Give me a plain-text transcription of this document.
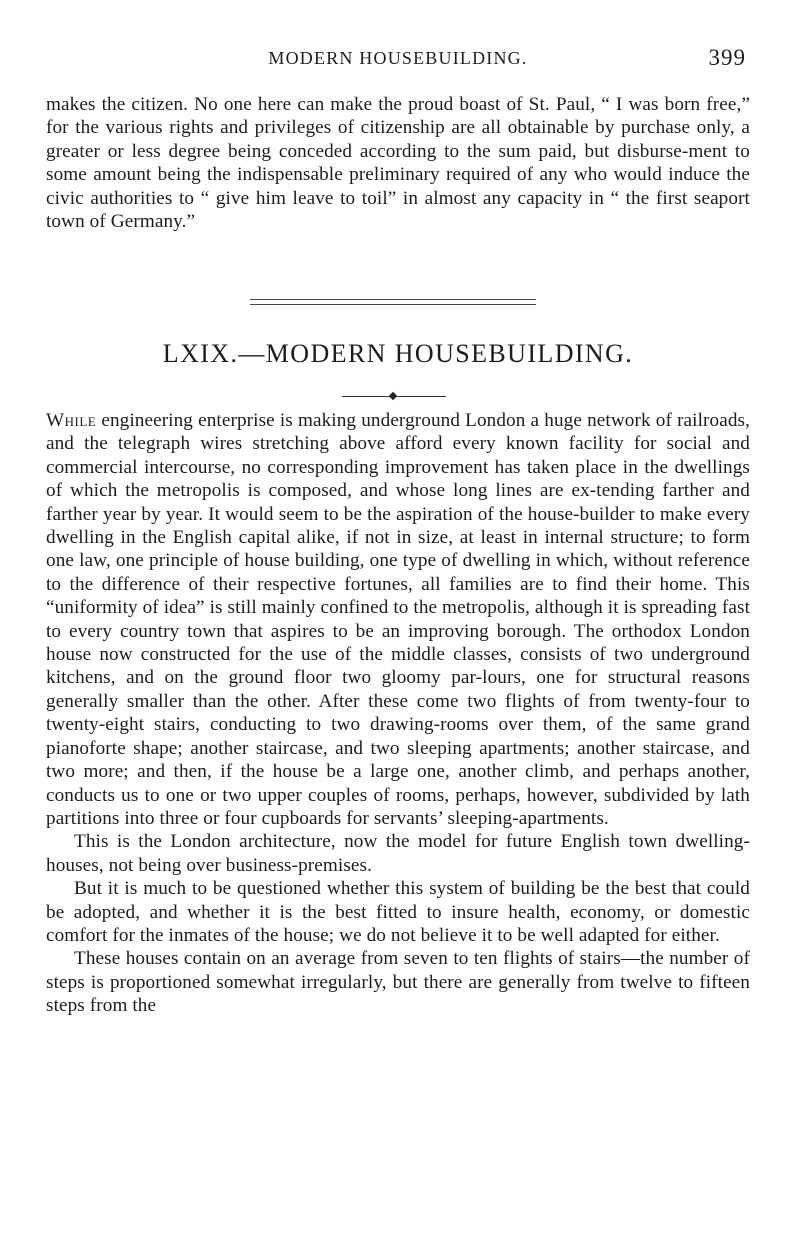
MODERN HOUSEBUILDING.	399

makes the citizen. No one here can make the proud boast of St. Paul, “ I was born free,” for the various rights and privileges of citizenship are all obtainable by purchase only, a greater or less degree being conceded according to the sum paid, but disburse-ment to some amount being the indispensable preliminary required of any who would induce the civic authorities to “ give him leave to toil” in almost any capacity in “ the first seaport town of Germany.”

LXIX.—MODERN HOUSEBUILDING.

While engineering enterprise is making underground London a huge network of railroads, and the telegraph wires stretching above afford every known facility for social and commercial intercourse, no corresponding improvement has taken place in the dwellings of which the metropolis is composed, and whose long lines are ex-tending farther and farther year by year. It would seem to be the aspiration of the house-builder to make every dwelling in the English capital alike, if not in size, at least in internal structure; to form one law, one principle of house building, one type of dwelling in which, without reference to the difference of their respective fortunes, all families are to find their home. This “uniformity of idea” is still mainly confined to the metropolis, although it is spreading fast to every country town that aspires to be an improving borough. The orthodox London house now constructed for the use of the middle classes, consists of two underground kitchens, and on the ground floor two gloomy par-lours, one for structural reasons generally smaller than the other. After these come two flights of from twenty-four to twenty-eight stairs, conducting to two drawing-rooms over them, of the same grand pianoforte shape; another staircase, and two sleeping apartments; another staircase, and two more; and then, if the house be a large one, another climb, and perhaps another, conducts us to one or two upper couples of rooms, perhaps, however, subdivided by lath partitions into three or four cupboards for servants’ sleeping-apartments.

This is the London architecture, now the model for future English town dwelling-houses, not being over business-premises.

But it is much to be questioned whether this system of building be the best that could be adopted, and whether it is the best fitted to insure health, economy, or domestic comfort for the inmates of the house; we do not believe it to be well adapted for either.

These houses contain on an average from seven to ten flights of stairs—the number of steps is proportioned somewhat irregularly, but there are generally from twelve to fifteen steps from the
